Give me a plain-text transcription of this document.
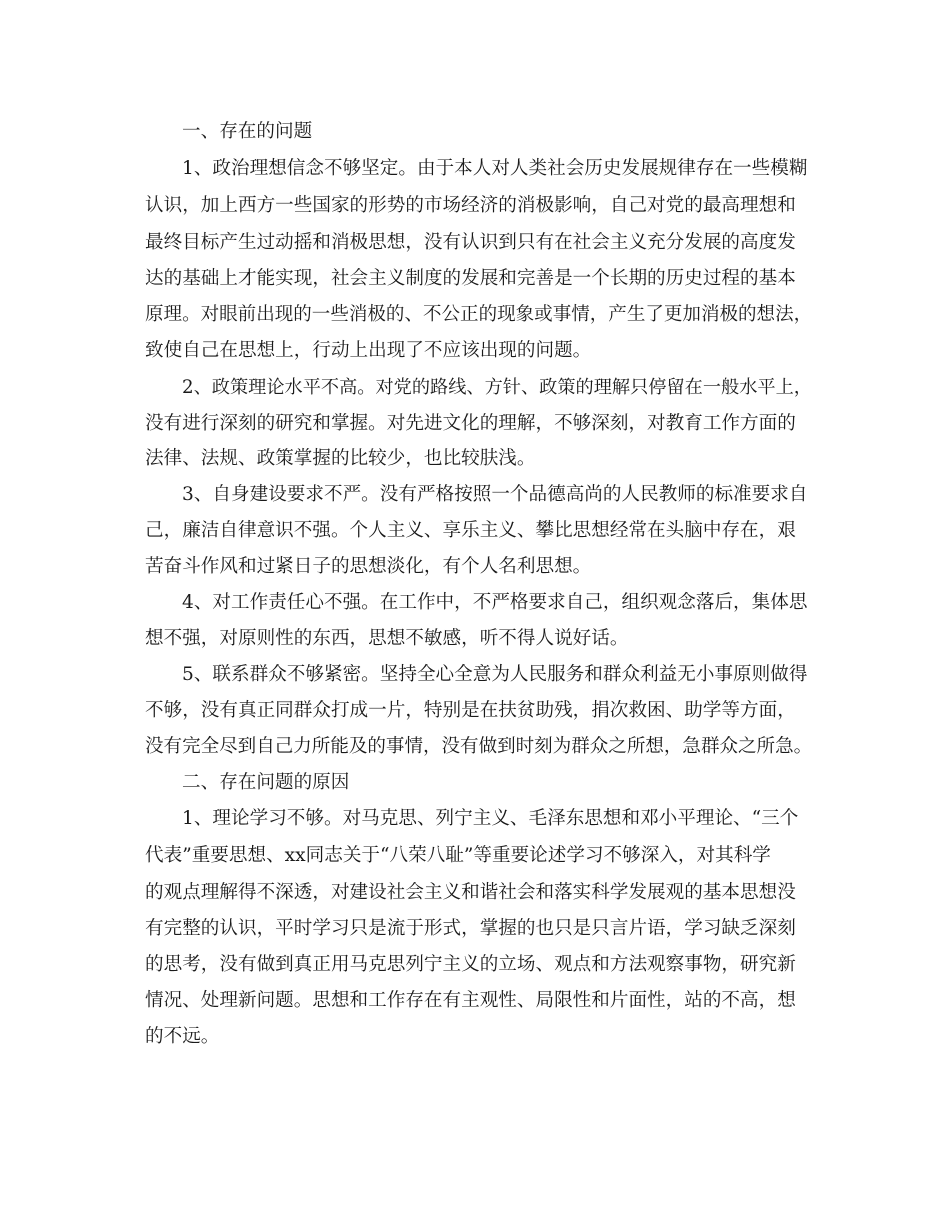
一、存在的问题
1、政治理想信念不够坚定。由于本人对人类社会历史发展规律存在一些模糊
认识，加上西方一些国家的形势的市场经济的消极影响，自己对党的最高理想和
最终目标产生过动摇和消极思想，没有认识到只有在社会主义充分发展的高度发
达的基础上才能实现，社会主义制度的发展和完善是一个长期的历史过程的基本
原理。对眼前出现的一些消极的、不公正的现象或事情，产生了更加消极的想法，
致使自己在思想上，行动上出现了不应该出现的问题。
2、政策理论水平不高。对党的路线、方针、政策的理解只停留在一般水平上，
没有进行深刻的研究和掌握。对先进文化的理解，不够深刻，对教育工作方面的
法律、法规、政策掌握的比较少，也比较肤浅。
3、自身建设要求不严。没有严格按照一个品德高尚的人民教师的标准要求自
己，廉洁自律意识不强。个人主义、享乐主义、攀比思想经常在头脑中存在，艰
苦奋斗作风和过紧日子的思想淡化，有个人名利思想。
4、对工作责任心不强。在工作中，不严格要求自己，组织观念落后，集体思
想不强，对原则性的东西，思想不敏感，听不得人说好话。
5、联系群众不够紧密。坚持全心全意为人民服务和群众利益无小事原则做得
不够，没有真正同群众打成一片，特别是在扶贫助残，捐次救困、助学等方面，
没有完全尽到自己力所能及的事情，没有做到时刻为群众之所想，急群众之所急。
二、存在问题的原因
1、理论学习不够。对马克思、列宁主义、毛泽东思想和邓小平理论、“三个
代表”重要思想、xx同志关于“八荣八耻”等重要论述学习不够深入，对其科学
的观点理解得不深透，对建设社会主义和谐社会和落实科学发展观的基本思想没
有完整的认识，平时学习只是流于形式，掌握的也只是只言片语，学习缺乏深刻
的思考，没有做到真正用马克思列宁主义的立场、观点和方法观察事物，研究新
情况、处理新问题。思想和工作存在有主观性、局限性和片面性，站的不高，想
的不远。
